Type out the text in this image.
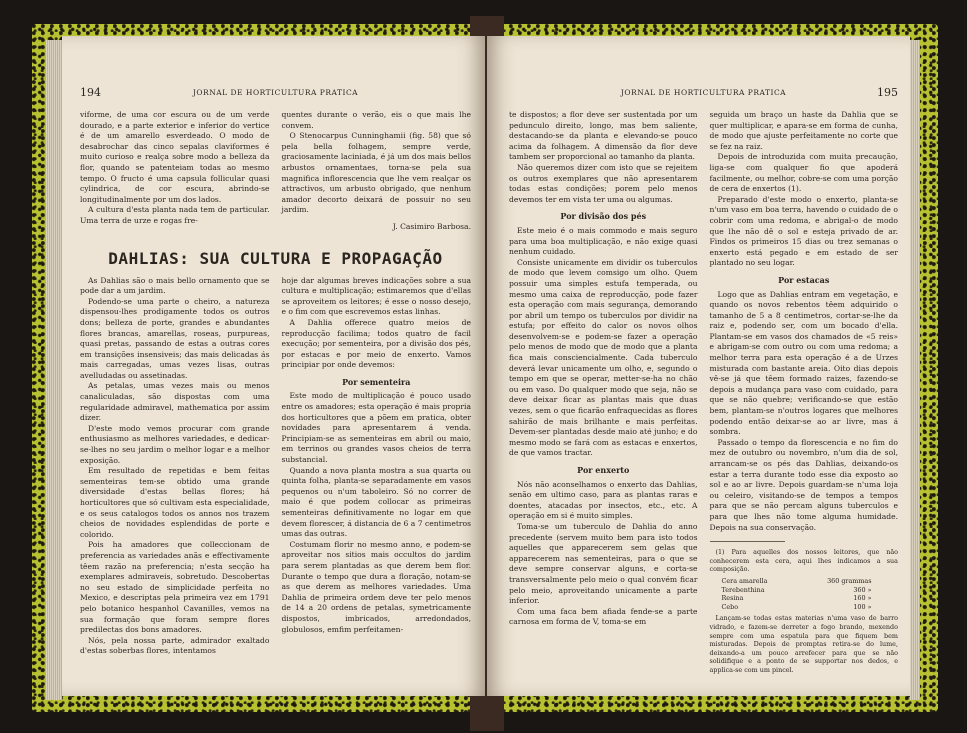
194	JORNAL DE HORTICULTURA PRATICA

viforme, de uma cor escura ou de um verde dourado, e a parte exterior e inferior do vertice é de um amarello esverdeado. O modo de desabrochar das cinco sepalas claviformes é muito curioso e realça sobre modo a belleza da flor, quando se patenteiam todas ao mesmo tempo. O fructo é uma capsula follicular quasi cylindrica, de cor escura, abrindo-se longitudinalmente por um dos lados.

A cultura d'esta planta nada tem de particular. Uma terra de urze e rogas fre-

quentes durante o verão, eis o que mais lhe convem.

O Stenocarpus Cunninghamii (fig. 58) que só pela bella folhagem, sempre verde, graciosamente laciniada, é já um dos mais bellos arbustos ornamentaes, torna-se pela sua magnifica inflorescencia que lhe vem realçar os attractivos, um arbusto obrigado, que nenhum amador decorto deixará de possuir no seu jardim.

J. Casimiro Barbosa.
DAHLIAS: SUA CULTURA E PROPAGAÇÃO

As Dahlias são o mais bello ornamento que se pode dar a um jardim.

Podendo-se uma parte o cheiro, a natureza dispensou-lhes prodigamente todos os outros dons; belleza de porte, grandes e abundantes flores brancas, amarellas, roseas, purpureas, quasi pretas, passando de estas a outras cores em transições insensiveis; das mais delicadas ás mais carregadas, umas vezes lisas, outras avelludadas ou assetinadas.

As petalas, umas vezes mais ou menos canaliculadas, são dispostas com uma regularidade admiravel, mathematica por assim dizer.

D'este modo vemos procurar com grande enthusiasmo as melhores variedades, e dedicar-se-lhes no seu jardim o melhor logar e a melhor exposição.

Em resultado de repetidas e bem feitas sementeiras tem-se obtido uma grande diversidade d'estas bellas flores; há horticultores que só cultivam esta especialidade, e os seus catalogos todos os annos nos trazem cheios de novidades esplendidas de porte e colorido.

Pois ha amadores que colleccionam de preferencia as variedades anãs e effectivamente têem razão na preferencia; n'esta secção ha exemplares admiraveis, sobretudo. Descobertas no seu estado de simplicidade perfeita no Mexico, e descriptas pela primeira vez em 1791 pelo botanico hespanhol Cavanilles, vemos na sua formação que foram sempre flores predilectas dos bons amadores.

Nós, pela nossa parte, admirador exaltado d'estas soberbas flores, intentamos

hoje dar algumas breves indicações sobre a sua cultura e multiplicação; estimaremos que d'ellas se aproveitem os leitores; é esse o nosso desejo, e o fim com que escrevemos estas linhas.

A Dahlia offerece quatro meios de reproducção facilima; todos quatro de facil execução; por sementeira, por a divisão dos pés, por estacas e por meio de enxerto. Vamos principiar por onde devemos:

Por sementeira

Este modo de multiplicação é pouco usado entre os amadores; esta operação é mais propria dos horticultores que a põem em pratica, obter novidades para apresentarem á venda. Principiam-se as sementeiras em abril ou maio, em terrinos ou grandes vasos cheios de terra substancial.

Quando a nova planta mostra a sua quarta ou quinta folha, planta-se separadamente em vasos pequenos ou n'um taboleiro. Só no correr de maio é que podem collocar as primeiras sementeiras definitivamente no logar em que devem florescer, á distancia de 6 a 7 centimetros umas das outras.

Costumam florir no mesmo anno, e podem-se aproveitar nos sitios mais occultos do jardim para serem plantadas as que derem bem flor. Durante o tempo que dura a floração, notam-se as que derem as melhores variedades. Uma Dahlia de primeira ordem deve ter pelo menos de 14 a 20 ordens de petalas, symetricamente dispostos, imbricados, arredondados, globulosos, emfim perfeitamen-

JORNAL DE HORTICULTURA PRATICA	195

te dispostos; a flor deve ser sustentada por um pedunculo direito, longo, mas bem saliente, destacando-se da planta e elevando-se pouco acima da folhagem. A dimensão da flor deve tambem ser proporcional ao tamanho da planta.

Não queremos dizer com isto que se rejeitem os outros exemplares que não apresentarem todas estas condições; porem pelo menos devemos ter em vista ter uma ou algumas.

Por divisão dos pés

Este meio é o mais commodo e mais seguro para uma boa multiplicação, e não exige quasi nenhum cuidado.

Consiste unicamente em dividir os tuberculos de modo que levem comsigo um olho. Quem possuir uma simples estufa temperada, ou mesmo uma caixa de reproducção, pode fazer esta operação com mais segurança, demorando por abril um tempo os tuberculos por dividir na estufa; por effeito do calor os novos olhos desenvolvem-se e podem-se fazer a operação pelo menos de modo que de modo que a planta fica mais consciencialmente. Cada tuberculo deverá levar unicamente um olho, e, segundo o tempo em que se operar, metter-se-ha no chão ou em vaso. Do qualquer modo que seja, não se deve deixar ficar as plantas mais que duas vezes, sem o que ficarão enfraquecidas as flores sahirão de mais brilhante e mais perfeitas. Devem-ser plantadas desde maio até junho; e do mesmo modo se fará com as estacas e enxertos, de que vamos tractar.

Por enxerto

Nós não aconselhamos o enxerto das Dahlias, senão em ultimo caso, para as plantas raras e doentes, atacadas por insectos, etc., etc. A operação em si é muito simples.

Toma-se um tuberculo de Dahlia do anno precedente (servem muito bem para isto todos aquelles que apparecerem sem gelas que apparecerem nas sementeiras, para o que se deve sempre conservar alguns, e corta-se transversalmente pelo meio o qual convém ficar pelo meio, aproveitando unicamente a parte inferior.

Com uma faca bem afiada fende-se a parte carnosa em forma de V, toma-se em

seguida um braço un haste da Dahlia que se quer multiplicar, e apara-se em forma de cunha, de modo que ajuste perfeitamente no corte que se fez na raiz.

Depois de introduzida com muita precaução, liga-se com qualquer fio que apoderá facilmente, ou melhor, cobre-se com uma porção de cera de enxertos (1).

Preparado d'este modo o enxerto, planta-se n'um vaso em boa terra, havendo o cuidado de o cobrir com uma redoma, e abrigal-o de modo que lhe não dê o sol e esteja privado de ar. Findos os primeiros 15 dias ou trez semanas o enxerto está pegado e em estado de ser plantado no seu logar.

Por estacas

Logo que as Dahlias entram em vegetação, e quando os novos rebentos têem adquirido o tamanho de 5 a 8 centimetros, cortar-se-lhe da raiz e, podendo ser, com um bocado d'ella. Plantam-se em vasos dos chamados de «5 reis» e abrigam-se com outro ou com uma redoma; a melhor terra para esta operação é a de Urzes misturada com bastante areia. Oito dias depois vê-se já que têem formado raizes, fazendo-se depois a mudança para vaso com cuidado, para que se não quebre; verificando-se que estão bem, plantam-se n'outros logares que melhores podendo então deixar-se ao ar livre, mas á sombra.

Passado o tempo da florescencia e no fim do mez de outubro ou novembro, n'um dia de sol, arrancam-se os pés das Dahlias, deixando-os estar a terra durante todo esse dia exposto ao sol e ao ar livre. Depois guardam-se n'uma loja ou celeiro, visitando-se de tempos a tempos para que se não percam alguns tuberculos e para que lhes não tome alguma humidade. Depois na sua conservação.

(1) Para aquelles dos nossos leitores, que não conhecerem esta cera, aqui lhes indicamos a sua composição.

Cera amarella	360 grammas
Terebenthina	360 »
Resina	160 »
Cebo	100 »

Lançam-se todas estas materias n'uma vaso de barro vidrado, e fazem-se derreter a fogo brando, mexendo sempre com uma espatula para que fiquem bem misturadas. Depois de promptas retira-se do lume, deixando-a um pouco arrefecer para que se não solidifique e a ponto de se supportar nos dedos, e applica-se com um pincel.
